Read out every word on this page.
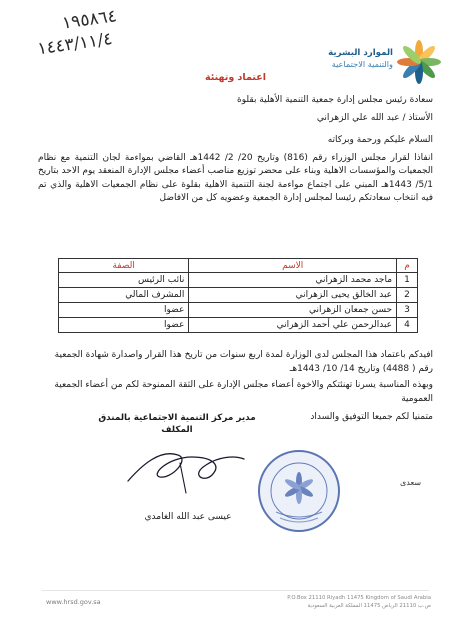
١٩٥٨٦٤
١٤٤٣/١١/٤	الموارد البشرية
والتنمية الاجتماعية
اعتماد وتهنئة
سعادة رئيس مجلس إدارة جمعية التنمية الأهلية بقلوة
الأستاذ / عبد الله علي الزهراني
السلام عليكم ورحمة وبركاته
انفاذا لقرار مجلس الوزراء رقم (816) وتاريخ 20/ 2/ 1442هـ القاضي بمواءمة لجان التنمية مع نظام الجمعيات والمؤسسات الاهلية وبناء على محضر توزيع مناصب أعضاء مجلس الإدارة المنعقد يوم الاحد بتاريخ 5/1/ 1443هـ المبني على اجتماع مواءمة لجنة التنمية الاهلية بقلوة على نظام الجمعيات الاهلية والذي تم فيه انتخاب سعادتكم رئيسا لمجلس إدارة الجمعية وعضويه كل من الافاضل
م	الاسم	الصفة
1	ماجد محمد الزهراني	نائب الرئيس
2	عبد الخالق يحيى الزهراني	المشرف المالي
3	حسن جمعان الزهراني	عضوا
4	عبدالرحمن علي أحمد الزهراني	عضوا
افيدكم باعتماد هذا المجلس لدى الوزارة لمدة اربع سنوات من تاريخ هذا القرار واصدارة شهادة الجمعية رقم ( 4488) وتاريخ 14/ 10/ 1443هـ
وبهذه المناسبة يسرنا تهنئتكم والاخوة أعضاء مجلس الإدارة على الثقة الممنوحة لكم من أعضاء الجمعية العمومية
متمنيا لكم جميعا التوفيق والسداد
مدير مركز التنمية الاجتماعية بالمندق المكلف
عيسى عبد الله الغامدي
سعدى
www.hrsd.gov.sa	P.O.Box 21110 Riyadh 11475 Kingdom of Saudi Arabia
ص.ب 21110 الرياض 11475 المملكة العربية السعودية
